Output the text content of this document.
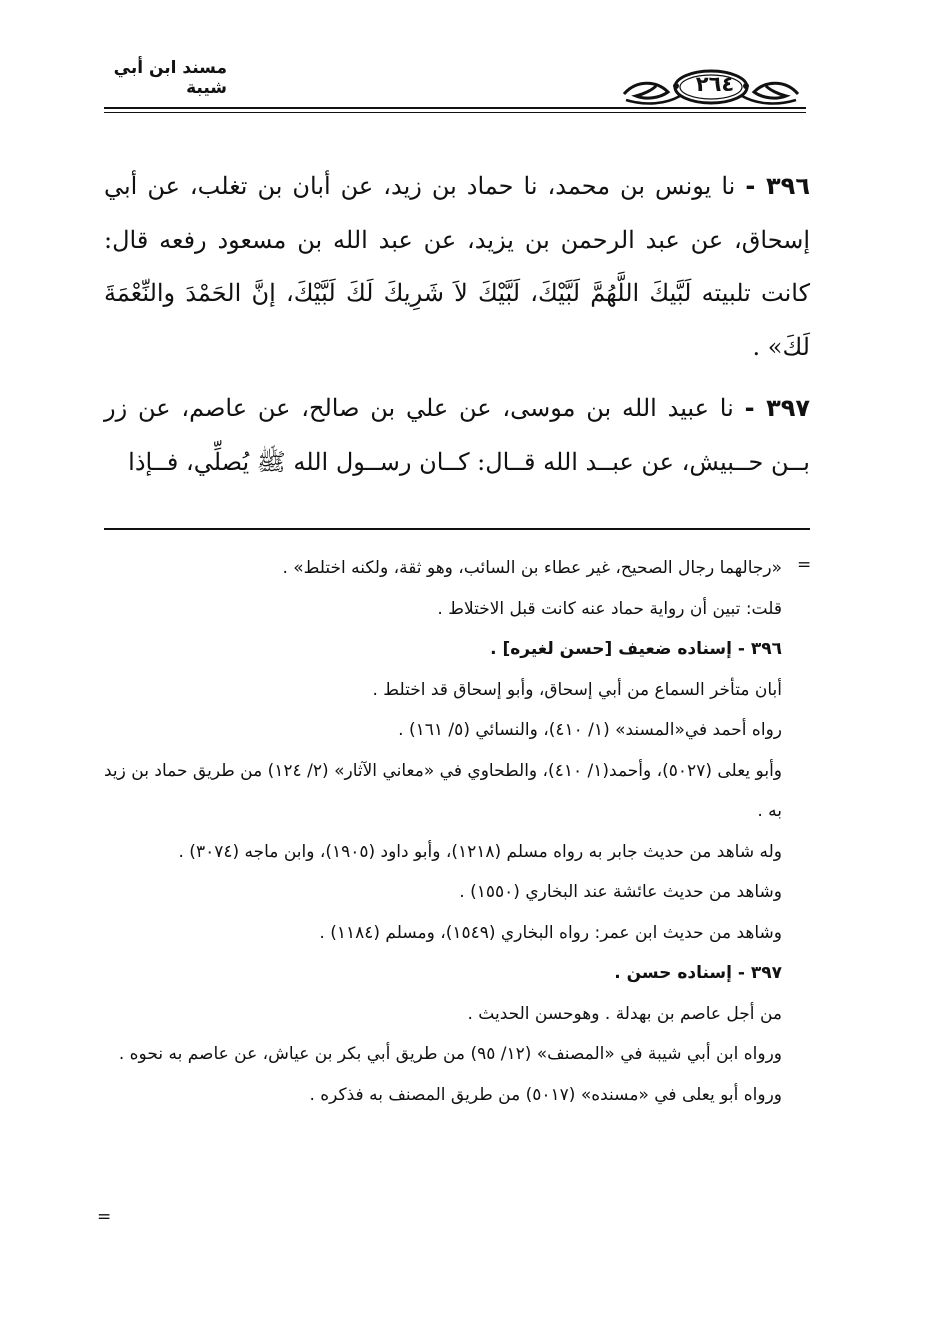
مسند ابن أبي شيبة	٢٦٤

٣٩٦ - نا يونس بن محمد، نا حماد بن زيد، عن أبان بن تغلب، عن أبي إسحاق، عن عبد الرحمن بن يزيد، عن عبد الله بن مسعود رفعه قال: كانت تلبيته لَبَّيكَ اللَّهُمَّ لَبَّيْكَ، لَبَّيْكَ لاَ شَرِيكَ لَكَ لَبَّيْكَ، إنَّ الحَمْدَ والنِّعْمَةَ لَكَ» .

٣٩٧ - نا عبيد الله بن موسى، عن علي بن صالح، عن عاصم، عن زر بــن حــبيش، عن عبــد الله قــال: كــان رســول الله ﷺ يُصلِّي، فــإذا

=

«رجالهما رجال الصحيح، غير عطاء بن السائب، وهو ثقة، ولكنه اختلط» .

قلت: تبين أن رواية حماد عنه كانت قبل الاختلاط .

٣٩٦ - إسناده ضعيف [حسن لغيره] .

أبان متأخر السماع من أبي إسحاق، وأبو إسحاق قد اختلط .

رواه أحمد في«المسند» (١/ ٤١٠)، والنسائي (٥/ ١٦١) .

وأبو يعلى (٥٠٢٧)، وأحمد(١/ ٤١٠)، والطحاوي في «معاني الآثار» (٢/ ١٢٤) من طريق حماد بن زيد به .

وله شاهد من حديث جابر به رواه مسلم (١٢١٨)، وأبو داود (١٩٠٥)، وابن ماجه (٣٠٧٤) .

وشاهد من حديث عائشة عند البخاري (١٥٥٠) .

وشاهد من حديث ابن عمر: رواه البخاري (١٥٤٩)، ومسلم (١١٨٤) .

٣٩٧ - إسناده حسن .

من أجل عاصم بن بهدلة . وهوحسن الحديث .

ورواه ابن أبي شيبة في «المصنف» (١٢/ ٩٥) من طريق أبي بكر بن عياش، عن عاصم به نحوه .

ورواه أبو يعلى في «مسنده» (٥٠١٧) من طريق المصنف به فذكره .

=
